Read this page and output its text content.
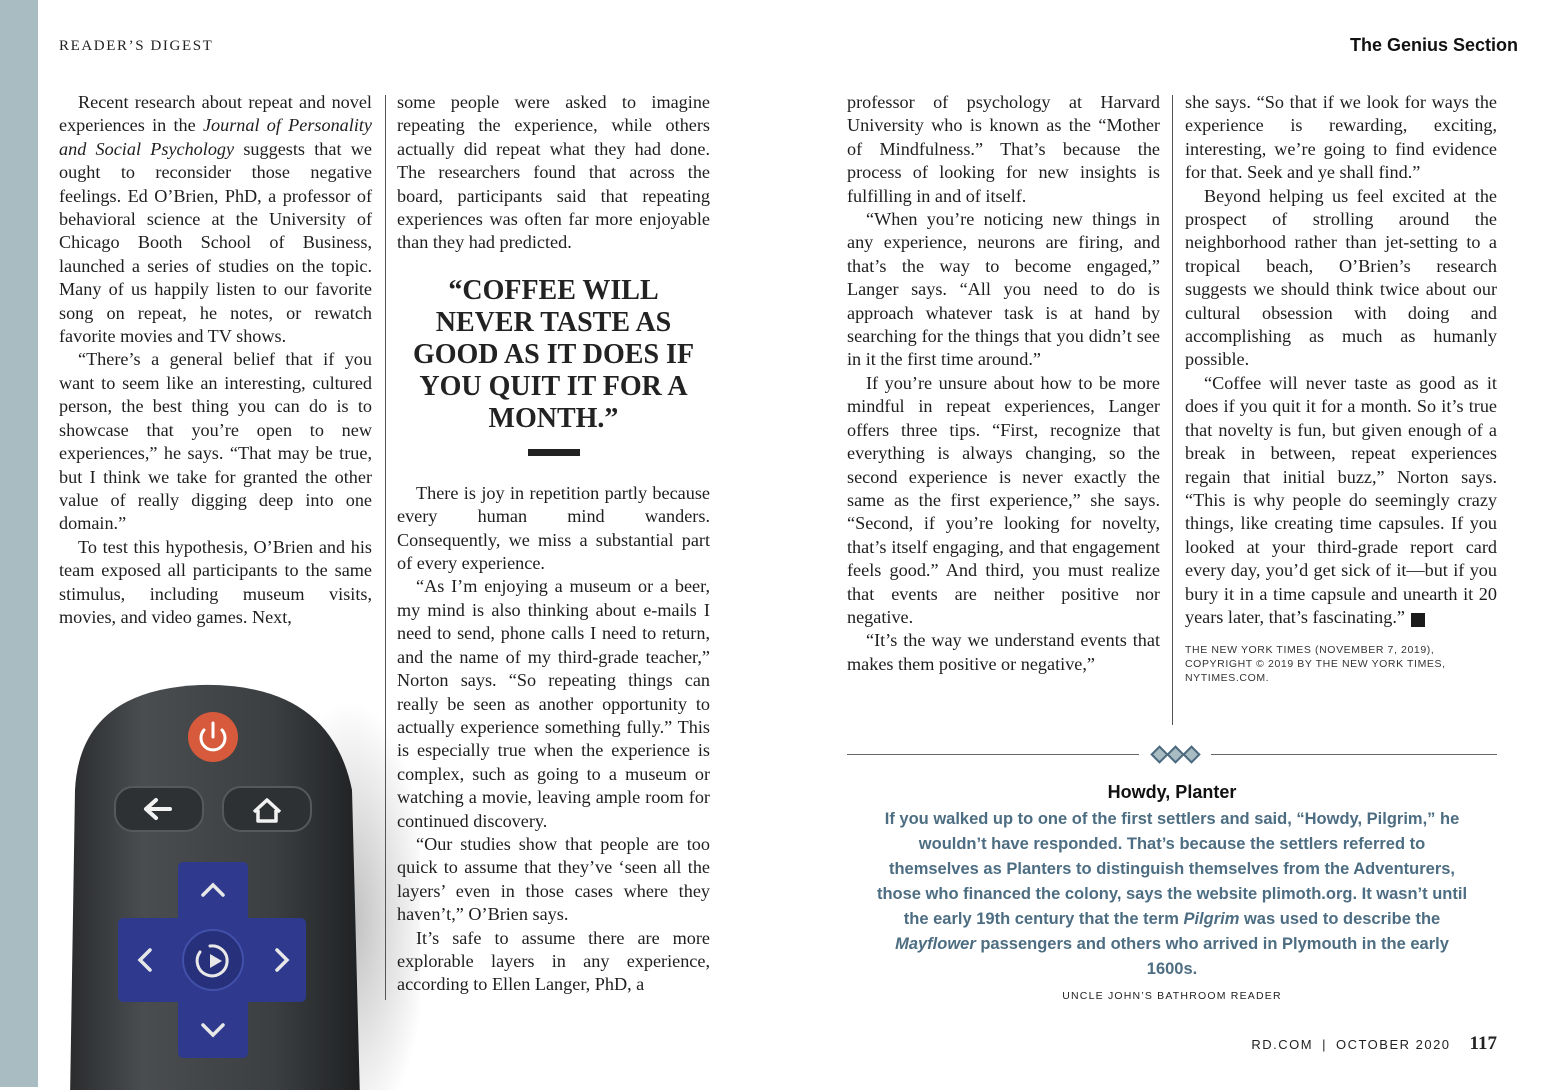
READER’S DIGEST	The Genius Section

Recent research about repeat and novel experiences in the Journal of Personality and Social Psychology suggests that we ought to reconsider those negative feelings. Ed O’Brien, PhD, a professor of behavioral science at the University of Chicago Booth School of Business, launched a series of studies on the topic. Many of us happily listen to our favorite song on repeat, he notes, or rewatch favorite movies and TV shows.

“There’s a general belief that if you want to seem like an interesting, cultured person, the best thing you can do is to showcase that you’re open to new experiences,” he says. “That may be true, but I think we take for granted the other value of really digging deep into one domain.”

To test this hypothesis, O’Brien and his team exposed all participants to the same stimulus, including museum visits, movies, and video games. Next,

some people were asked to imagine repeating the experience, while others actually did repeat what they had done. The researchers found that across the board, participants said that repeating experiences was often far more enjoyable than they had predicted.

“COFFEE WILL NEVER TASTE AS GOOD AS IT DOES IF YOU QUIT IT FOR A MONTH.”

There is joy in repetition partly because every human mind wanders. Consequently, we miss a substantial part of every experience.

“As I’m enjoying a museum or a beer, my mind is also thinking about e-mails I need to send, phone calls I need to return, and the name of my third-grade teacher,” Norton says. “So repeating things can really be seen as another opportunity to actually experience something fully.” This is especially true when the experience is complex, such as going to a museum or watching a movie, leaving ample room for continued discovery.

“Our studies show that people are too quick to assume that they’ve ‘seen all the layers’ even in those cases where they haven’t,” O’Brien says.

It’s safe to assume there are more explorable layers in any experience, according to Ellen Langer, PhD, a

professor of psychology at Harvard University who is known as the “Mother of Mindfulness.” That’s because the process of looking for new insights is fulfilling in and of itself.

“When you’re noticing new things in any experience, neurons are firing, and that’s the way to become engaged,” Langer says. “All you need to do is approach whatever task is at hand by searching for the things that you didn’t see in it the first time around.”

If you’re unsure about how to be more mindful in repeat experiences, Langer offers three tips. “First, recognize that everything is always changing, so the second experience is never exactly the same as the first experience,” she says. “Second, if you’re looking for novelty, that’s itself engaging, and that engagement feels good.” And third, you must realize that events are neither positive nor negative.

“It’s the way we understand events that makes them positive or negative,”

she says. “So that if we look for ways the experience is rewarding, exciting, interesting, we’re going to find evidence for that. Seek and ye shall find.”

Beyond helping us feel excited at the prospect of strolling around the neighborhood rather than jet-setting to a tropical beach, O’Brien’s research suggests we should think twice about our cultural obsession with doing and accomplishing as much as humanly possible.

“Coffee will never taste as good as it does if you quit it for a month. So it’s true that novelty is fun, but given enough of a break in between, repeat experiences regain that initial buzz,” Norton says. “This is why people do seemingly crazy things, like creating time capsules. If you looked at your third-grade report card every day, you’d get sick of it—but if you bury it in a time capsule and unearth it 20 years later, that’s fascinating.” R

THE NEW YORK TIMES (NOVEMBER 7, 2019), COPYRIGHT © 2019 BY THE NEW YORK TIMES, NYTIMES.COM.
Howdy, Planter
If you walked up to one of the first settlers and said, “Howdy, Pilgrim,” he wouldn’t have responded. That’s because the settlers referred to themselves as Planters to distinguish themselves from the Adventurers, those who financed the colony, says the website plimoth.org. It wasn’t until the early 19th century that the term Pilgrim was used to describe the Mayflower passengers and others who arrived in Plymouth in the early 1600s.
UNCLE JOHN’S BATHROOM READER
RD.COM | OCTOBER 2020 117
